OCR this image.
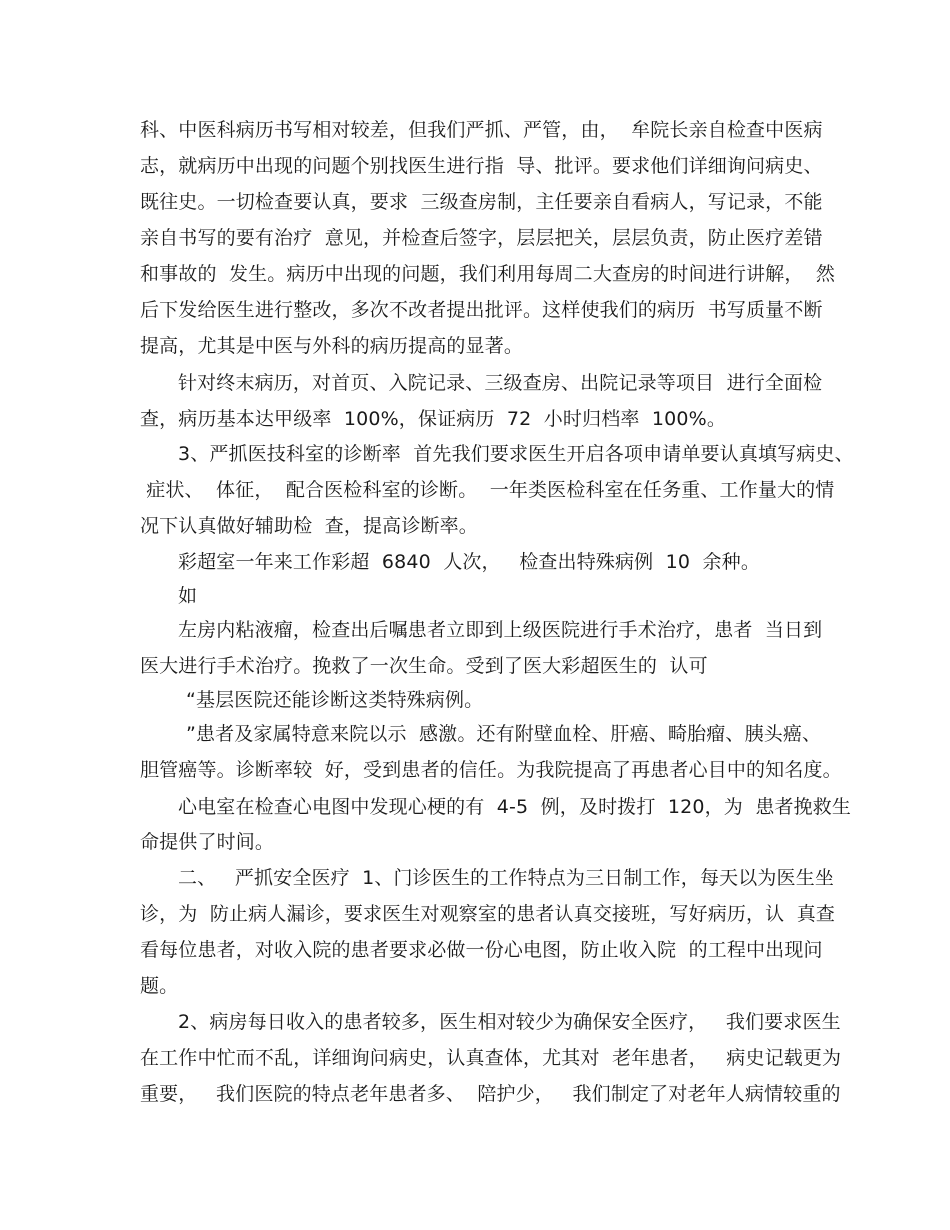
科、中医科病历书写相对较差，但我们严抓、严管，由，  牟院长亲自检查中医病
志，就病历中出现的问题个别找医生进行指  导、批评。要求他们详细询问病史、
既往史。一切检查要认真，要求  三级查房制，主任要亲自看病人，写记录，不能
亲自书写的要有治疗  意见，并检查后签字，层层把关，层层负责，防止医疗差错
和事故的  发生。病历中出现的问题，我们利用每周二大查房的时间进行讲解，  然
后下发给医生进行整改，多次不改者提出批评。这样使我们的病历  书写质量不断
提高，尤其是中医与外科的病历提高的显著。
针对终末病历，对首页、入院记录、三级查房、出院记录等项目  进行全面检
查，病历基本达甲级率  100%，保证病历  72  小时归档率  100%。
3、严抓医技科室的诊断率  首先我们要求医生开启各项申请单要认真填写病史、
症状、  体征，  配合医检科室的诊断。  一年类医检科室在任务重、工作量大的情
况下认真做好辅助检  查，提高诊断率。
彩超室一年来工作彩超  6840  人次，   检查出特殊病例  10  余种。
如
左房内粘液瘤，检查出后嘱患者立即到上级医院进行手术治疗，患者  当日到
医大进行手术治疗。挽救了一次生命。受到了医大彩超医生的  认可
“基层医院还能诊断这类特殊病例。
”患者及家属特意来院以示  感激。还有附壁血栓、肝癌、畸胎瘤、胰头癌、
胆管癌等。诊断率较  好，受到患者的信任。为我院提高了再患者心目中的知名度。
心电室在检查心电图中发现心梗的有  4-5  例，及时拨打  120，为  患者挽救生
命提供了时间。
二、   严抓安全医疗  1、门诊医生的工作特点为三日制工作，每天以为医生坐
诊，为  防止病人漏诊，要求医生对观察室的患者认真交接班，写好病历，认  真查
看每位患者，对收入院的患者要求必做一份心电图，防止收入院  的工程中出现问
题。
2、病房每日收入的患者较多，医生相对较少为确保安全医疗，   我们要求医生
在工作中忙而不乱，详细询问病史，认真查体，尤其对  老年患者，   病史记载更为
重要，   我们医院的特点老年患者多、  陪护少，   我们制定了对老年人病情较重的
